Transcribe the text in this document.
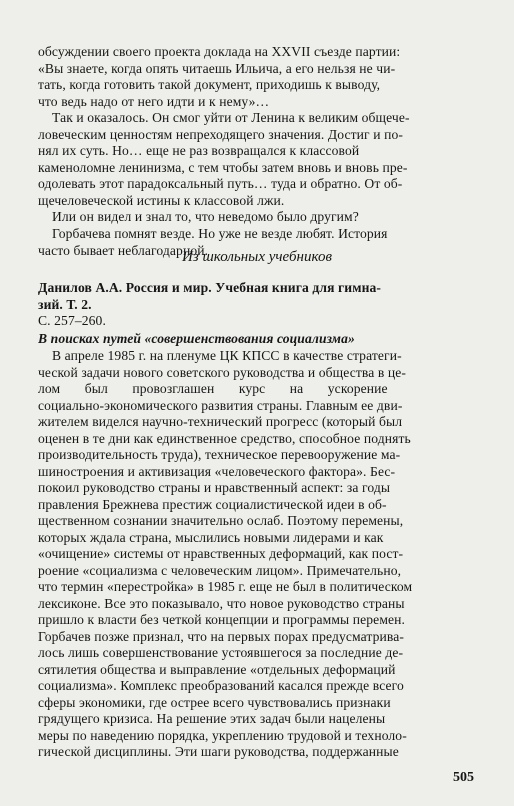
обсуждении своего проекта доклада на XXVII съезде партии:
«Вы знаете, когда опять читаешь Ильича, а его нельзя не чи-
тать, когда готовить такой документ, приходишь к выводу,
что ведь надо от него идти и к нему»…
Так и оказалось. Он смог уйти от Ленина к великим общече-
ловеческим ценностям непреходящего значения. Достиг и по-
нял их суть. Но… еще не раз возвращался к классовой
каменоломне ленинизма, с тем чтобы затем вновь и вновь пре-
одолевать этот парадоксальный путь… туда и обратно. От об-
щечеловеческой истины к классовой лжи.
Или он видел и знал то, что неведомо было другим?
Горбачева помнят везде. Но уже не везде любят. История
часто бывает неблагодарной.
Из школьных учебников
Данилов А.А. Россия и мир. Учебная книга для гимна-
зий. Т. 2.
С. 257–260.
В поисках путей «совершенствования социализма»
В апреле 1985 г. на пленуме ЦК КПСС в качестве стратеги-
ческой задачи нового советского руководства и общества в це-
лом       был       провозглашен       курс       на       ускорение
социально-экономического развития страны. Главным ее дви-
жителем виделся научно-технический прогресс (который был
оценен в те дни как единственное средство, способное поднять
производительность труда), техническое перевооружение ма-
шиностроения и активизация «человеческого фактора». Бес-
покоил руководство страны и нравственный аспект: за годы
правления Брежнева престиж социалистической идеи в об-
щественном сознании значительно ослаб. Поэтому перемены,
которых ждала страна, мыслились новыми лидерами и как
«очищение» системы от нравственных деформаций, как пост-
роение «социализма с человеческим лицом». Примечательно,
что термин «перестройка» в 1985 г. еще не был в политическом
лексиконе. Все это показывало, что новое руководство страны
пришло к власти без четкой концепции и программы перемен.
Горбачев позже признал, что на первых порах предусматрива-
лось лишь совершенствование устоявшегося за последние де-
сятилетия общества и выправление «отдельных деформаций
социализма». Комплекс преобразований касался прежде всего
сферы экономики, где острее всего чувствовались признаки
грядущего кризиса. На решение этих задач были нацелены
меры по наведению порядка, укреплению трудовой и техноло-
гической дисциплины. Эти шаги руководства, поддержанные
505
